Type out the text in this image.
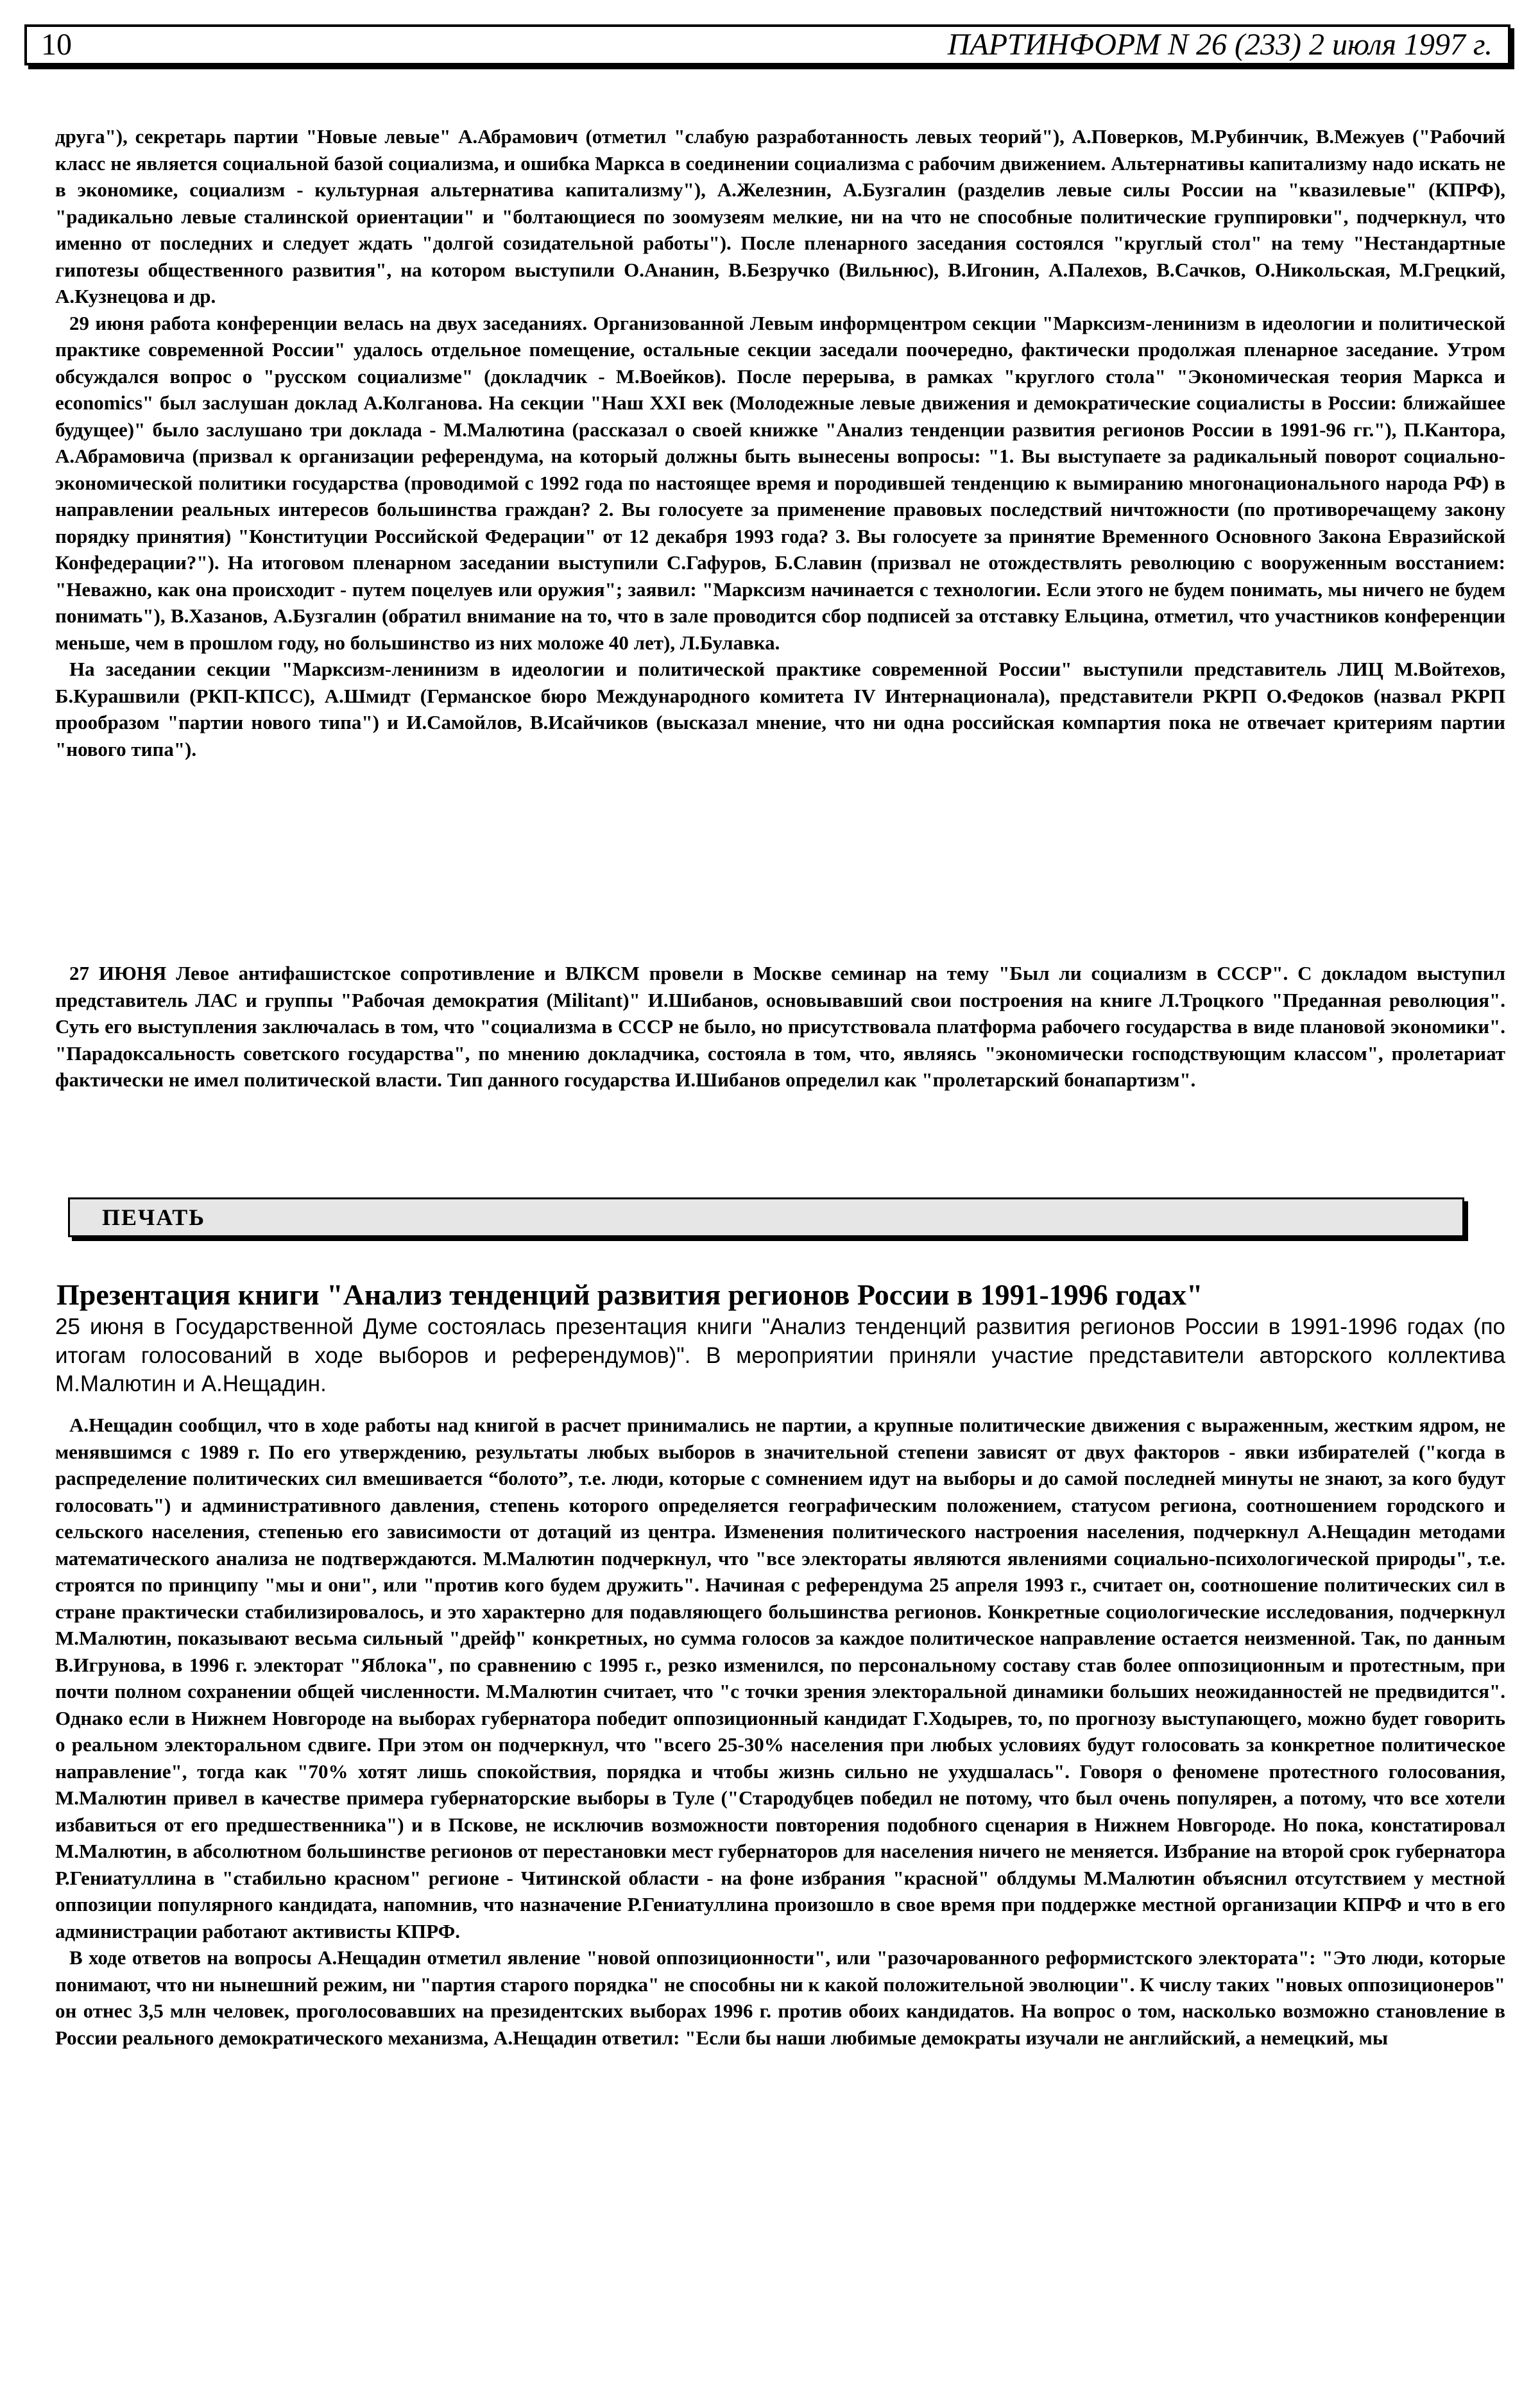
10	ПАРТИНФОРМ N 26 (233) 2 июля 1997 г.

друга"), секретарь партии "Новые левые" А.Абрамович (отметил "слабую разработанность левых теорий"), А.Поверков, М.Рубинчик, В.Межуев ("Рабочий класс не является социальной базой социализма, и ошибка Маркса в соединении социализма с рабочим движением. Альтернативы капитализму надо искать не в экономике, социализм - культурная альтернатива капитализму"), А.Железнин, А.Бузгалин (разделив левые силы России на "квазилевые" (КПРФ), "радикально левые сталинской ориентации" и "болтающиеся по зоомузеям мелкие, ни на что не способные политические группировки", подчеркнул, что именно от последних и следует ждать "долгой созидательной работы"). После пленарного заседания состоялся "круглый стол" на тему "Нестандартные гипотезы общественного развития", на котором выступили О.Ананин, В.Безручко (Вильнюс), В.Игонин, А.Палехов, В.Сачков, О.Никольская, М.Грецкий, А.Кузнецова и др.

29 июня работа конференции велась на двух заседаниях. Организованной Левым информцентром секции "Марксизм-ленинизм в идеологии и политической практике современной России" удалось отдельное помещение, остальные секции заседали поочередно, фактически продолжая пленарное заседание. Утром обсуждался вопрос о "русском социализме" (докладчик - М.Воейков). После перерыва, в рамках "круглого стола" "Экономическая теория Маркса и economics" был заслушан доклад А.Колганова. На секции "Наш XXI век (Молодежные левые движения и демократические социалисты в России: ближайшее будущее)" было заслушано три доклада - М.Малютина (рассказал о своей книжке "Анализ тенденции развития регионов России в 1991-96 гг."), П.Кантора, А.Абрамовича (призвал к организации референдума, на который должны быть вынесены вопросы: "1. Вы выступаете за радикальный поворот социально-экономической политики государства (проводимой с 1992 года по настоящее время и породившей тенденцию к вымиранию многонационального народа РФ) в направлении реальных интересов большинства граждан? 2. Вы голосуете за применение правовых последствий ничтожности (по противоречащему закону порядку принятия) "Конституции Российской Федерации" от 12 декабря 1993 года? 3. Вы голосуете за принятие Временного Основного Закона Евразийской Конфедерации?"). На итоговом пленарном заседании выступили С.Гафуров, Б.Славин (призвал не отождествлять революцию с вооруженным восстанием: "Неважно, как она происходит - путем поцелуев или оружия"; заявил: "Марксизм начинается с технологии. Если этого не будем понимать, мы ничего не будем понимать"), В.Хазанов, А.Бузгалин (обратил внимание на то, что в зале проводится сбор подписей за отставку Ельцина, отметил, что участников конференции меньше, чем в прошлом году, но большинство из них моложе 40 лет), Л.Булавка.

На заседании секции "Марксизм-ленинизм в идеологии и политической практике современной России" выступили представитель ЛИЦ М.Войтехов, Б.Курашвили (РКП-КПСС), А.Шмидт (Германское бюро Международного комитета IV Интернационала), представители РКРП О.Федоков (назвал РКРП прообразом "партии нового типа") и И.Самойлов, В.Исайчиков (высказал мнение, что ни одна российская компартия пока не отвечает критериям партии "нового типа").

27 ИЮНЯ Левое антифашистское сопротивление и ВЛКСМ провели в Москве семинар на тему "Был ли социализм в СССР". С докладом выступил представитель ЛАС и группы "Рабочая демократия (Militant)" И.Шибанов, основывавший свои построения на книге Л.Троцкого "Преданная революция". Суть его выступления заключалась в том, что "социализма в СССР не было, но присутствовала платформа рабочего государства в виде плановой экономики". "Парадоксальность советского государства", по мнению докладчика, состояла в том, что, являясь "экономически господствующим классом", пролетариат фактически не имел политической власти. Тип данного государства И.Шибанов определил как "пролетарский бонапартизм".

ПЕЧАТЬ
Презентация книги "Анализ тенденций развития регионов России в 1991-1996 годах"

25 июня в Государственной Думе состоялась презентация книги "Анализ тенденций развития регионов России в 1991-1996 годах (по итогам голосований в ходе выборов и референдумов)". В мероприятии приняли участие представители авторского коллектива М.Малютин и А.Нещадин.

А.Нещадин сообщил, что в ходе работы над книгой в расчет принимались не партии, а крупные политические движения с выраженным, жестким ядром, не менявшимся с 1989 г. По его утверждению, результаты любых выборов в значительной степени зависят от двух факторов - явки избирателей ("когда в распределение политических сил вмешивается “болото”, т.е. люди, которые с сомнением идут на выборы и до самой последней минуты не знают, за кого будут голосовать") и административного давления, степень которого определяется географическим положением, статусом региона, соотношением городского и сельского населения, степенью его зависимости от дотаций из центра. Изменения политического настроения населения, подчеркнул А.Нещадин методами математического анализа не подтверждаются. М.Малютин подчеркнул, что "все электораты являются явлениями социально-психологической природы", т.е. строятся по принципу "мы и они", или "против кого будем дружить". Начиная с референдума 25 апреля 1993 г., считает он, соотношение политических сил в стране практически стабилизировалось, и это характерно для подавляющего большинства регионов. Конкретные социологические исследования, подчеркнул М.Малютин, показывают весьма сильный "дрейф" конкретных, но сумма голосов за каждое политическое направление остается неизменной. Так, по данным В.Игрунова, в 1996 г. электорат "Яблока", по сравнению с 1995 г., резко изменился, по персональному составу став более оппозиционным и протестным, при почти полном сохранении общей численности. М.Малютин считает, что "с точки зрения электоральной динамики больших неожиданностей не предвидится". Однако если в Нижнем Новгороде на выборах губернатора победит оппозиционный кандидат Г.Ходырев, то, по прогнозу выступающего, можно будет говорить о реальном электоральном сдвиге. При этом он подчеркнул, что "всего 25-30% населения при любых условиях будут голосовать за конкретное политическое направление", тогда как "70% хотят лишь спокойствия, порядка и чтобы жизнь сильно не ухудшалась". Говоря о феномене протестного голосования, М.Малютин привел в качестве примера губернаторские выборы в Туле ("Стародубцев победил не потому, что был очень популярен, а потому, что все хотели избавиться от его предшественника") и в Пскове, не исключив возможности повторения подобного сценария в Нижнем Новгороде. Но пока, констатировал М.Малютин, в абсолютном большинстве регионов от перестановки мест губернаторов для населения ничего не меняется. Избрание на второй срок губернатора Р.Гениатуллина в "стабильно красном" регионе - Читинской области - на фоне избрания "красной" облдумы М.Малютин объяснил отсутствием у местной оппозиции популярного кандидата, напомнив, что назначение Р.Гениатуллина произошло в свое время при поддержке местной организации КПРФ и что в его администрации работают активисты КПРФ.

В ходе ответов на вопросы А.Нещадин отметил явление "новой оппозиционности", или "разочарованного реформистского электората": "Это люди, которые понимают, что ни нынешний режим, ни "партия старого порядка" не способны ни к какой положительной эволюции". К числу таких "новых оппозиционеров" он отнес 3,5 млн человек, проголосовавших на президентских выборах 1996 г. против обоих кандидатов. На вопрос о том, насколько возможно становление в России реального демократического механизма, А.Нещадин ответил: "Если бы наши любимые демократы изучали не английский, а немецкий, мы
